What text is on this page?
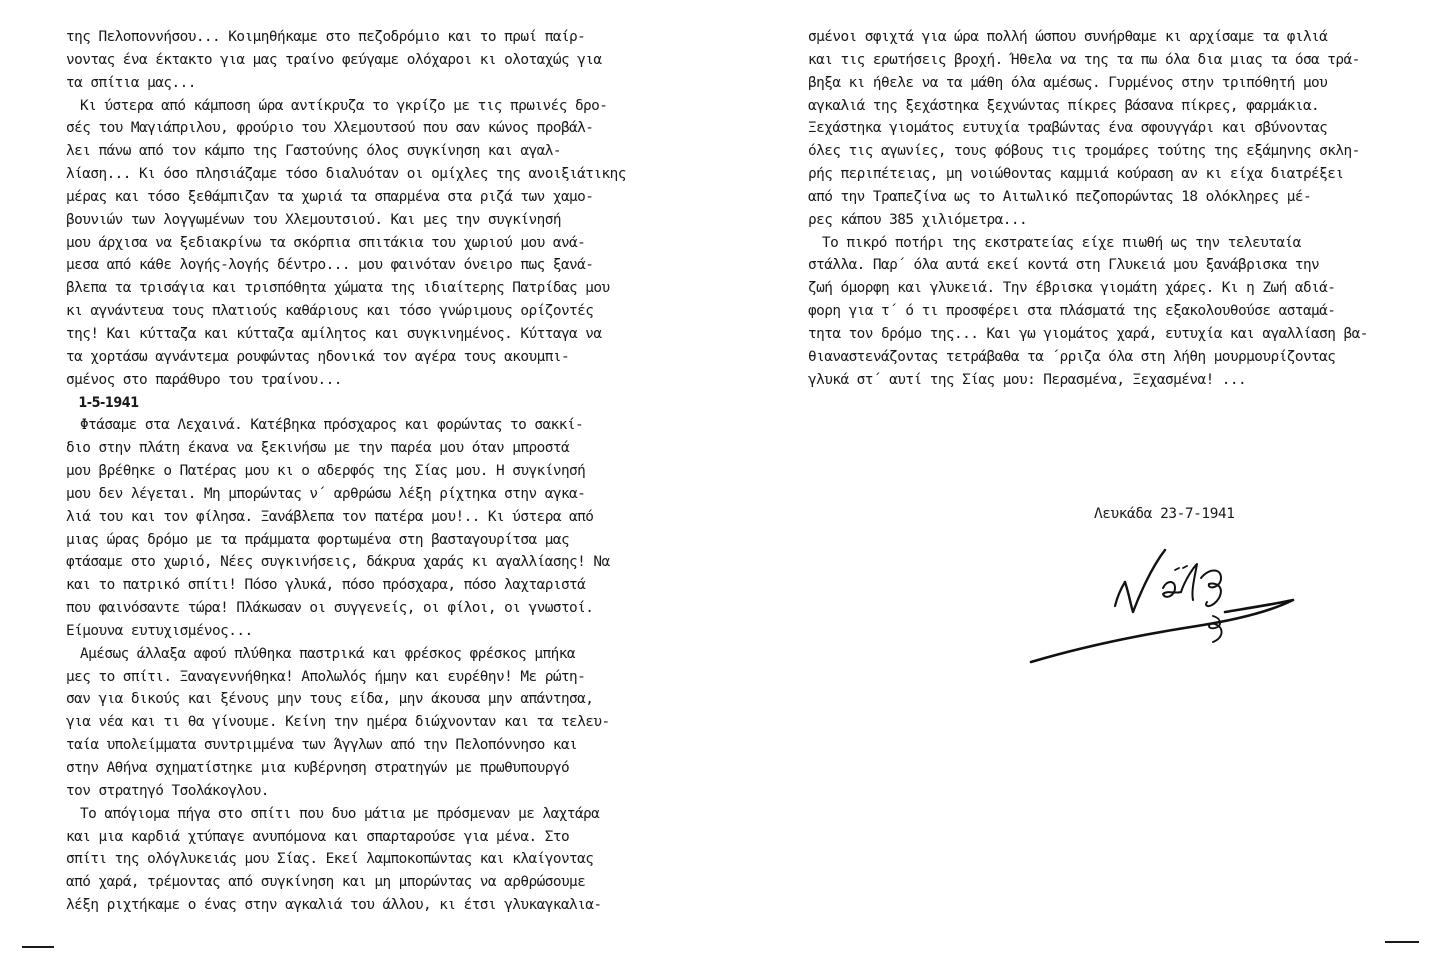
της Πελοποννήσου... Κοιμηθήκαμε στο πεζοδρόμιο και το πρωί παίρ-

νοντας ένα έκτακτο για μας τραίνο φεύγαμε ολόχαροι κι ολοταχώς για

τα σπίτια μας...

Κι ύστερα από κάμποση ώρα αντίκρυζα το γκρίζο με τις πρωινές δρο-

σές του Μαγιάπριλου, φρούριο του Χλεμουτσού που σαν κώνος προβάλ-

λει πάνω από τον κάμπο της Γαστούνης όλος συγκίνηση και αγαλ-

λίαση... Κι όσο πλησιάζαμε τόσο διαλυόταν οι ομίχλες της ανοιξιάτικης

μέρας και τόσο ξεθάμπιζαν τα χωριά τα σπαρμένα στα ριζά των χαμο-

βουνιών των λογγωμένων του Χλεμουτσιού. Και μες την συγκίνησή

μου άρχισα να ξεδιακρίνω τα σκόρπια σπιτάκια του χωριού μου ανά-

μεσα από κάθε λογής-λογής δέντρο... μου φαινόταν όνειρο πως ξανά-

βλεπα τα τρισάγια και τρισπόθητα χώματα της ιδιαίτερης Πατρίδας μου

κι αγνάντευα τους πλατιούς καθάριους και τόσο γνώριμους ορίζοντές

της! Και κύτταζα και κύτταζα αμίλητος και συγκινημένος. Κύτταγα να

τα χορτάσω αγνάντεμα ρουφώντας ηδονικά τον αγέρα τους ακουμπι-

σμένος στο παράθυρο του τραίνου...

1-5-1941

Φτάσαμε στα Λεχαινά. Κατέβηκα πρόσχαρος και φορώντας το σακκί-

διο στην πλάτη έκανα να ξεκινήσω με την παρέα μου όταν μπροστά

μου βρέθηκε ο Πατέρας μου κι ο αδερφός της Σίας μου. Η συγκίνησή

μου δεν λέγεται. Μη μπορώντας ν΄ αρθρώσω λέξη ρίχτηκα στην αγκα-

λιά του και τον φίλησα. Ξανάβλεπα τον πατέρα μου!.. Κι ύστερα από

μιας ώρας δρόμο με τα πράμματα φορτωμένα στη βασταγουρίτσα μας

φτάσαμε στο χωριό, Νέες συγκινήσεις, δάκρυα χαράς κι αγαλλίασης! Να

και το πατρικό σπίτι! Πόσο γλυκά, πόσο πρόσχαρα, πόσο λαχταριστά

που φαινόσαντε τώρα! Πλάκωσαν οι συγγενείς, οι φίλοι, οι γνωστοί.

Είμουνα ευτυχισμένος...

Αμέσως άλλαξα αφού πλύθηκα παστρικά και φρέσκος φρέσκος μπήκα

μες το σπίτι. Ξαναγεννήθηκα! Απολωλός ήμην και ευρέθην! Με ρώτη-

σαν για δικούς και ξένους μην τους είδα, μην άκουσα μην απάντησα,

για νέα και τι θα γίνουμε. Κείνη την ημέρα διώχνονταν και τα τελευ-

ταία υπολείμματα συντριμμένα των Άγγλων από την Πελοπόννησο και

στην Αθήνα σχηματίστηκε μια κυβέρνηση στρατηγών με πρωθυπουργό

τον στρατηγό Τσολάκογλου.

Το απόγιομα πήγα στο σπίτι που δυο μάτια με πρόσμεναν με λαχτάρα

και μια καρδιά χτύπαγε ανυπόμονα και σπαρταρούσε για μένα. Στο

σπίτι της ολόγλυκειάς μου Σίας. Εκεί λαμποκοπώντας και κλαίγοντας

από χαρά, τρέμοντας από συγκίνηση και μη μπορώντας να αρθρώσουμε

λέξη ριχτήκαμε ο ένας στην αγκαλιά του άλλου, κι έτσι γλυκαγκαλια-

σμένοι σφιχτά για ώρα πολλή ώσπου συνήρθαμε κι αρχίσαμε τα φιλιά

και τις ερωτήσεις βροχή. Ήθελα να της τα πω όλα δια μιας τα όσα τρά-

βηξα κι ήθελε να τα μάθη όλα αμέσως. Γυρμένος στην τριπόθητή μου

αγκαλιά της ξεχάστηκα ξεχνώντας πίκρες βάσανα πίκρες, φαρμάκια.

Ξεχάστηκα γιομάτος ευτυχία τραβώντας ένα σφουγγάρι και σβύνοντας

όλες τις αγωνίες, τους φόβους τις τρομάρες τούτης της εξάμηνης σκλη-

ρής περιπέτειας, μη νοιώθοντας καμμιά κούραση αν κι είχα διατρέξει

από την Τραπεζίνα ως το Αιτωλικό πεζοπορώντας 18 ολόκληρες μέ-

ρες κάπου 385 χιλιόμετρα...

Το πικρό ποτήρι της εκστρατείας είχε πιωθή ως την τελευταία

στάλλα. Παρ΄ όλα αυτά εκεί κοντά στη Γλυκειά μου ξανάβρισκα την

ζωή όμορφη και γλυκειά. Την έβρισκα γιομάτη χάρες. Κι η Ζωή αδιά-

φορη για τ΄ ό τι προσφέρει στα πλάσματά της εξακολουθούσε ασταμά-

τητα τον δρόμο της... Και γω γιομάτος χαρά, ευτυχία και αγαλλίαση βα-

θιαναστενάζοντας τετράβαθα τα ΄ρριζα όλα στη λήθη μουρμουρίζοντας

γλυκά στ΄ αυτί της Σίας μου: Περασμένα, Ξεχασμένα! ...

Λευκάδα 23-7-1941
